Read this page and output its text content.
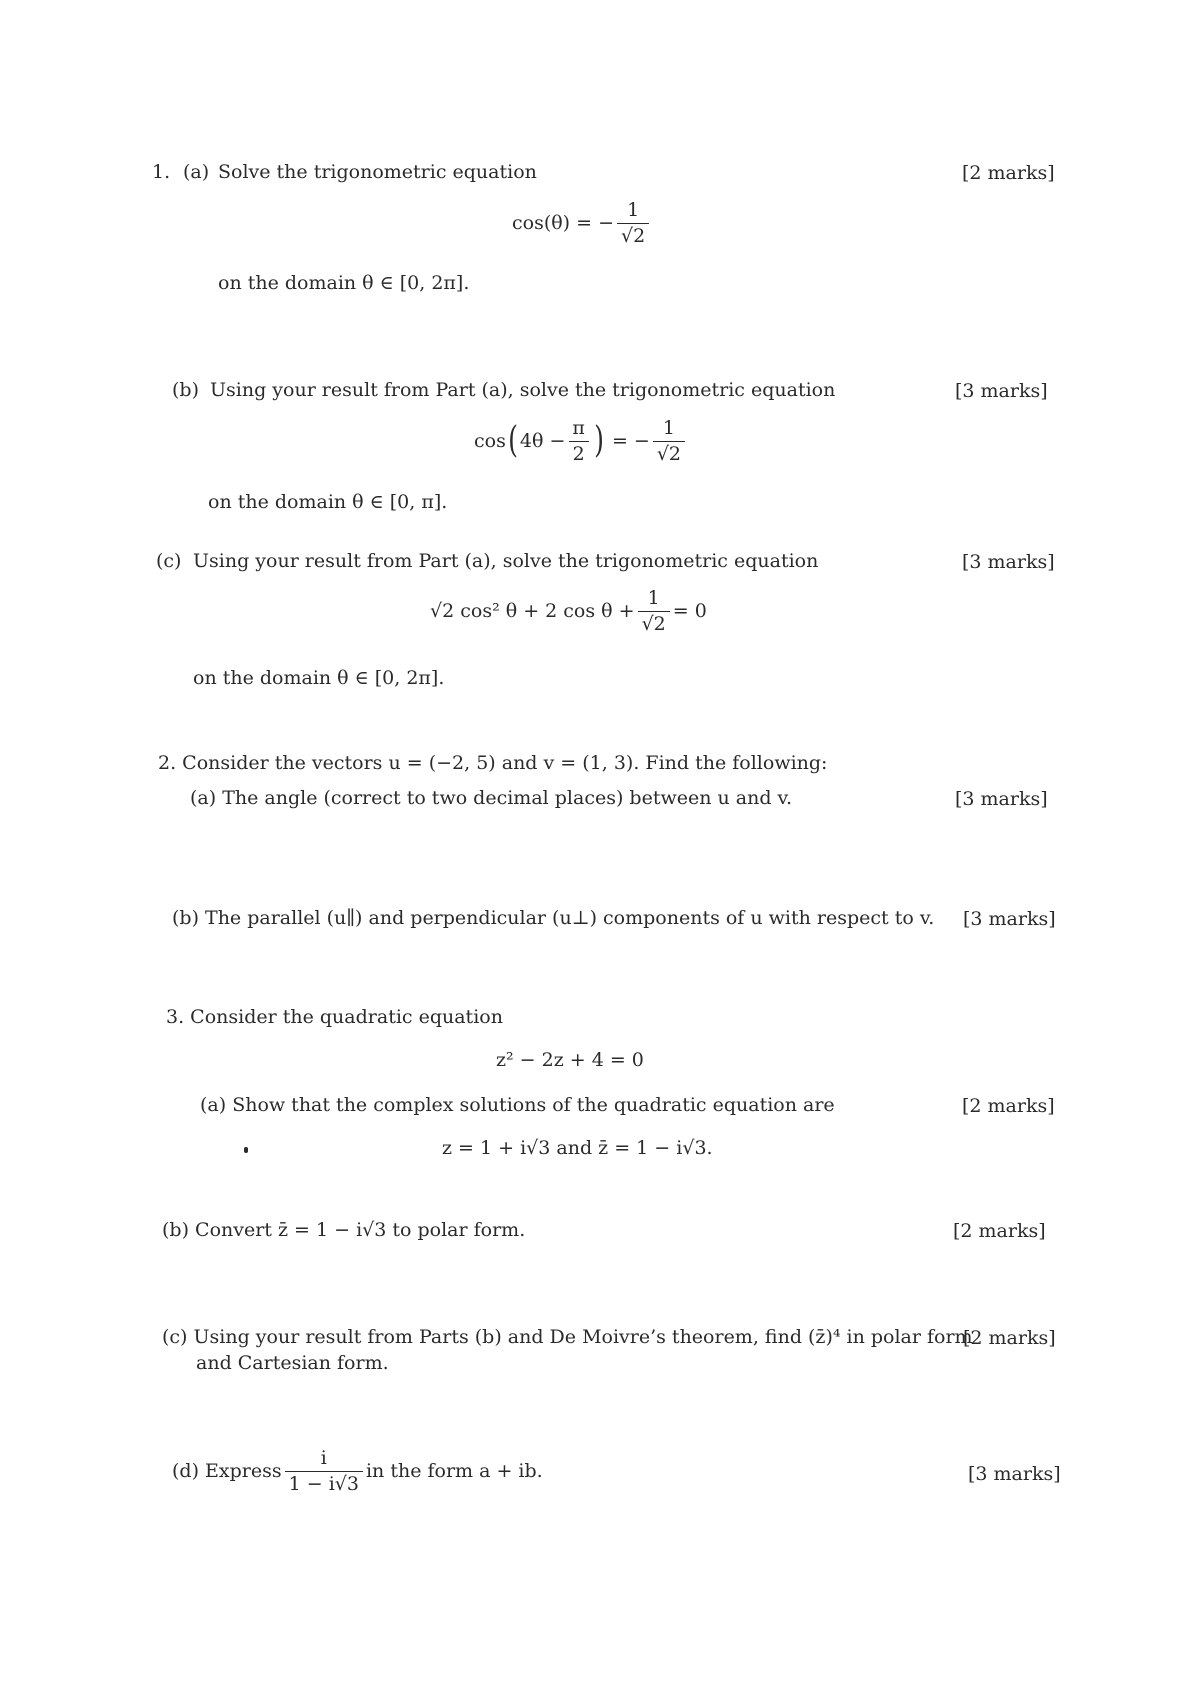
1. (a) Solve the trigonometric equation	[2 marks]
cos(θ) = − $\frac{1}{√2}$
on the domain θ ∈ [0, 2π].
(b) Using your result from Part (a), solve the trigonometric equation	[3 marks]
cos ( $4\theta - \frac{\pi}{2}$ ) = − $\frac{1}{√2}$
on the domain θ ∈ [0, π].
(c) Using your result from Part (a), solve the trigonometric equation	[3 marks]
√2 cos² θ + 2 $\cos \theta + \frac{1}{√2} = 0$
on the domain θ ∈ [0, 2π].
2. Consider the vectors u = (−2, 5) and v = (1, 3). Find the following:
(a) The angle (correct to two decimal places) between u and v.	[3 marks]
(b) The parallel (u∥) and perpendicular (u⊥) components of u with respect to v. [3 marks]
3. Consider the quadratic equation
z² − 2z + 4 = 0
(a) Show that the complex solutions of the quadratic equation are	[2 marks]
z = 1 + i√3 and z̄ = 1 − i√3.
(b) Convert z̄ = 1 − i√3 to polar form.	[2 marks]
(c) Using your result from Parts (b) and De Moivre’s theorem, find (z̄)⁴ in polar form
[2 marks]
and Cartesian form.
(d) Express $\frac{i}{1 - i√3}$ in the form a + ib.	[3 marks]
